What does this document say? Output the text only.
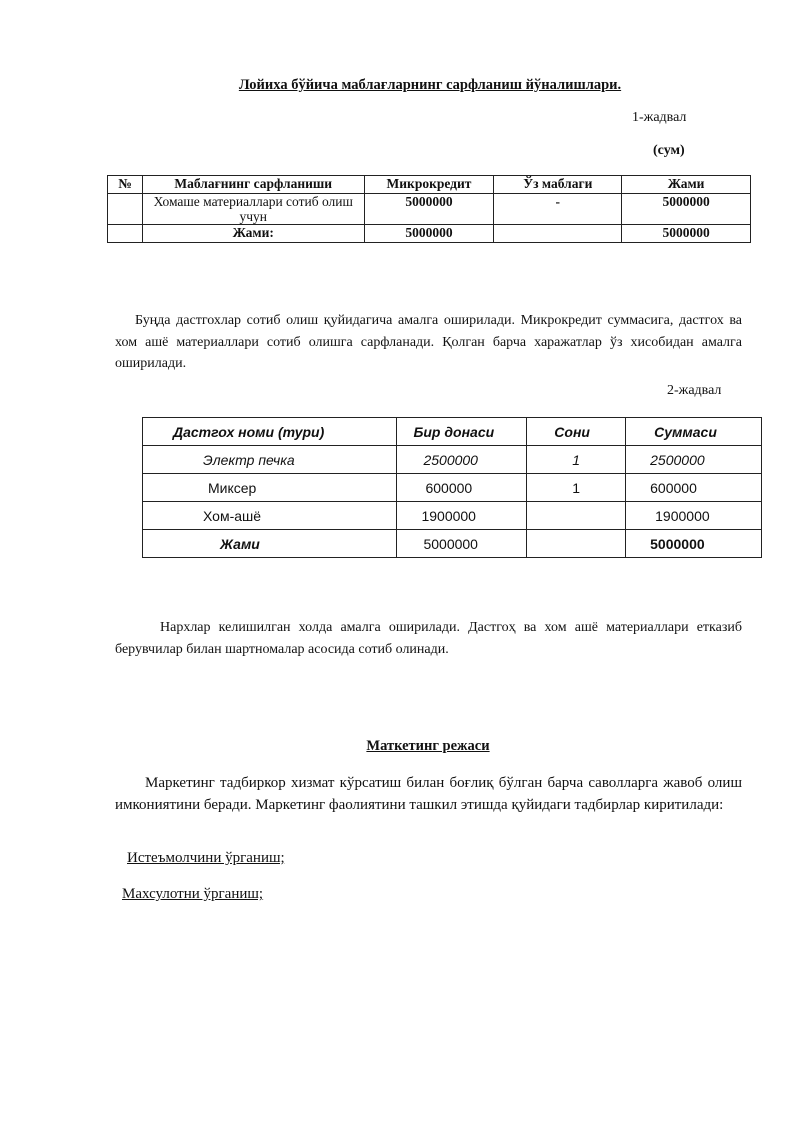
Лойиха бўйича маблағларнинг сарфланиш йўналишлари.
1-жадвал
(сум)
№	Маблағнинг сарфланиши	Микрокредит	Ўз маблаги	Жами
	Хомаше материаллари сотиб олиш учун	5000000	-	5000000
	Жами:	5000000		5000000

Буңда дастгохлар сотиб олиш қуйидагича амалга оширилади. Микрокредит суммасига, дастгох ва хом ашё материаллари сотиб олишга сарфланади. Қолган барча харажатлар ўз хисобидан амалга оширилади.

2-жадвал
Дастгох номи (тури)	Бир донаси	Сони	Суммаси
Электр печка	2500000	1	2500000
Миксер	600000	1	600000
Хом-ашё	1900000		1900000
Жами	5000000		5000000

Нархлар келишилган холда амалга оширилади. Дастгоҳ ва хом ашё материаллари етказиб берувчилар билан шартномалар асосида сотиб олинади.

Маткетинг режаси

Маркетинг тадбиркор хизмат кўрсатиш билан боғлиқ бўлган барча саволларга жавоб олиш имкониятини беради. Маркетинг фаолиятини ташкил этишда қуйидаги тадбирлар киритилади:

Истеъмолчини ўрганиш;
Махсулотни ўрганиш;
